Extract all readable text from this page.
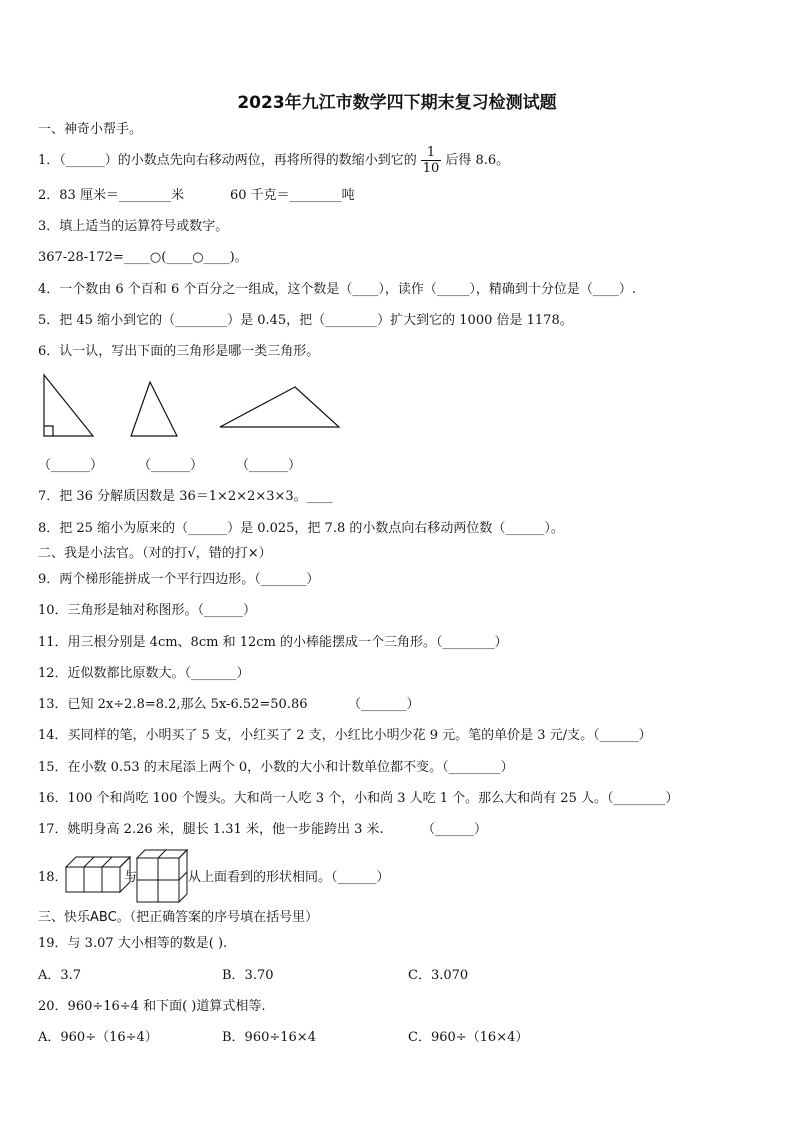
2023年九江市数学四下期末复习检测试题
一、神奇小帮手。
1．（______）的小数点先向右移动两位，再将所得的数缩小到它的 $\frac{1}{10}$ 后得 8.6。
2．83 厘米＝________米	60 千克＝________吨
3．填上适当的运算符号或数字。
367-28-172=____○(____○____)。
4．一个数由 6 个百和 6 个百分之一组成，这个数是（____），读作（_____），精确到十分位是（____）.
5．把 45 缩小到它的（________）是 0.45，把（________）扩大到它的 1000 倍是 1178。
6．认一认，写出下面的三角形是哪一类三角形。
（______）	（______）	（______）
7．把 36 分解质因数是 36＝1×2×2×3×3。____
8．把 25 缩小为原来的（______）是 0.025，把 7.8 的小数点向右移动两位数（______）。
二、我是小法官。（对的打√，错的打×）
9．两个梯形能拼成一个平行四边形。（_______）
10．三角形是轴对称图形。（______）
11．用三根分别是 4cm、8cm 和 12cm 的小棒能摆成一个三角形。（________）
12．近似数都比原数大。（_______）
13．已知 2x÷2.8=8.2,那么 5x-6.52=50.86	（_______）
14．买同样的笔，小明买了 5 支，小红买了 2 支，小红比小明少花 9 元。笔的单价是 3 元/支。（______）
15．在小数 0.53 的末尾添上两个 0，小数的大小和计数单位都不变。（________）
16．100 个和尚吃 100 个馒头。大和尚一人吃 3 个，小和尚 3 人吃 1 个。那么大和尚有 25 人。（________）
17．姚明身高 2.26 米，腿长 1.31 米，他一步能跨出 3 米.	（______）
18．	与	从上面看到的形状相同。（______）
三、快乐ABC。（把正确答案的序号填在括号里）
19．与 3.07 大小相等的数是( ).
A．3.7	B．3.70	C．3.070
20．960÷16÷4 和下面( )道算式相等.
A．960÷（16÷4）	B．960÷16×4	C．960÷（16×4）
